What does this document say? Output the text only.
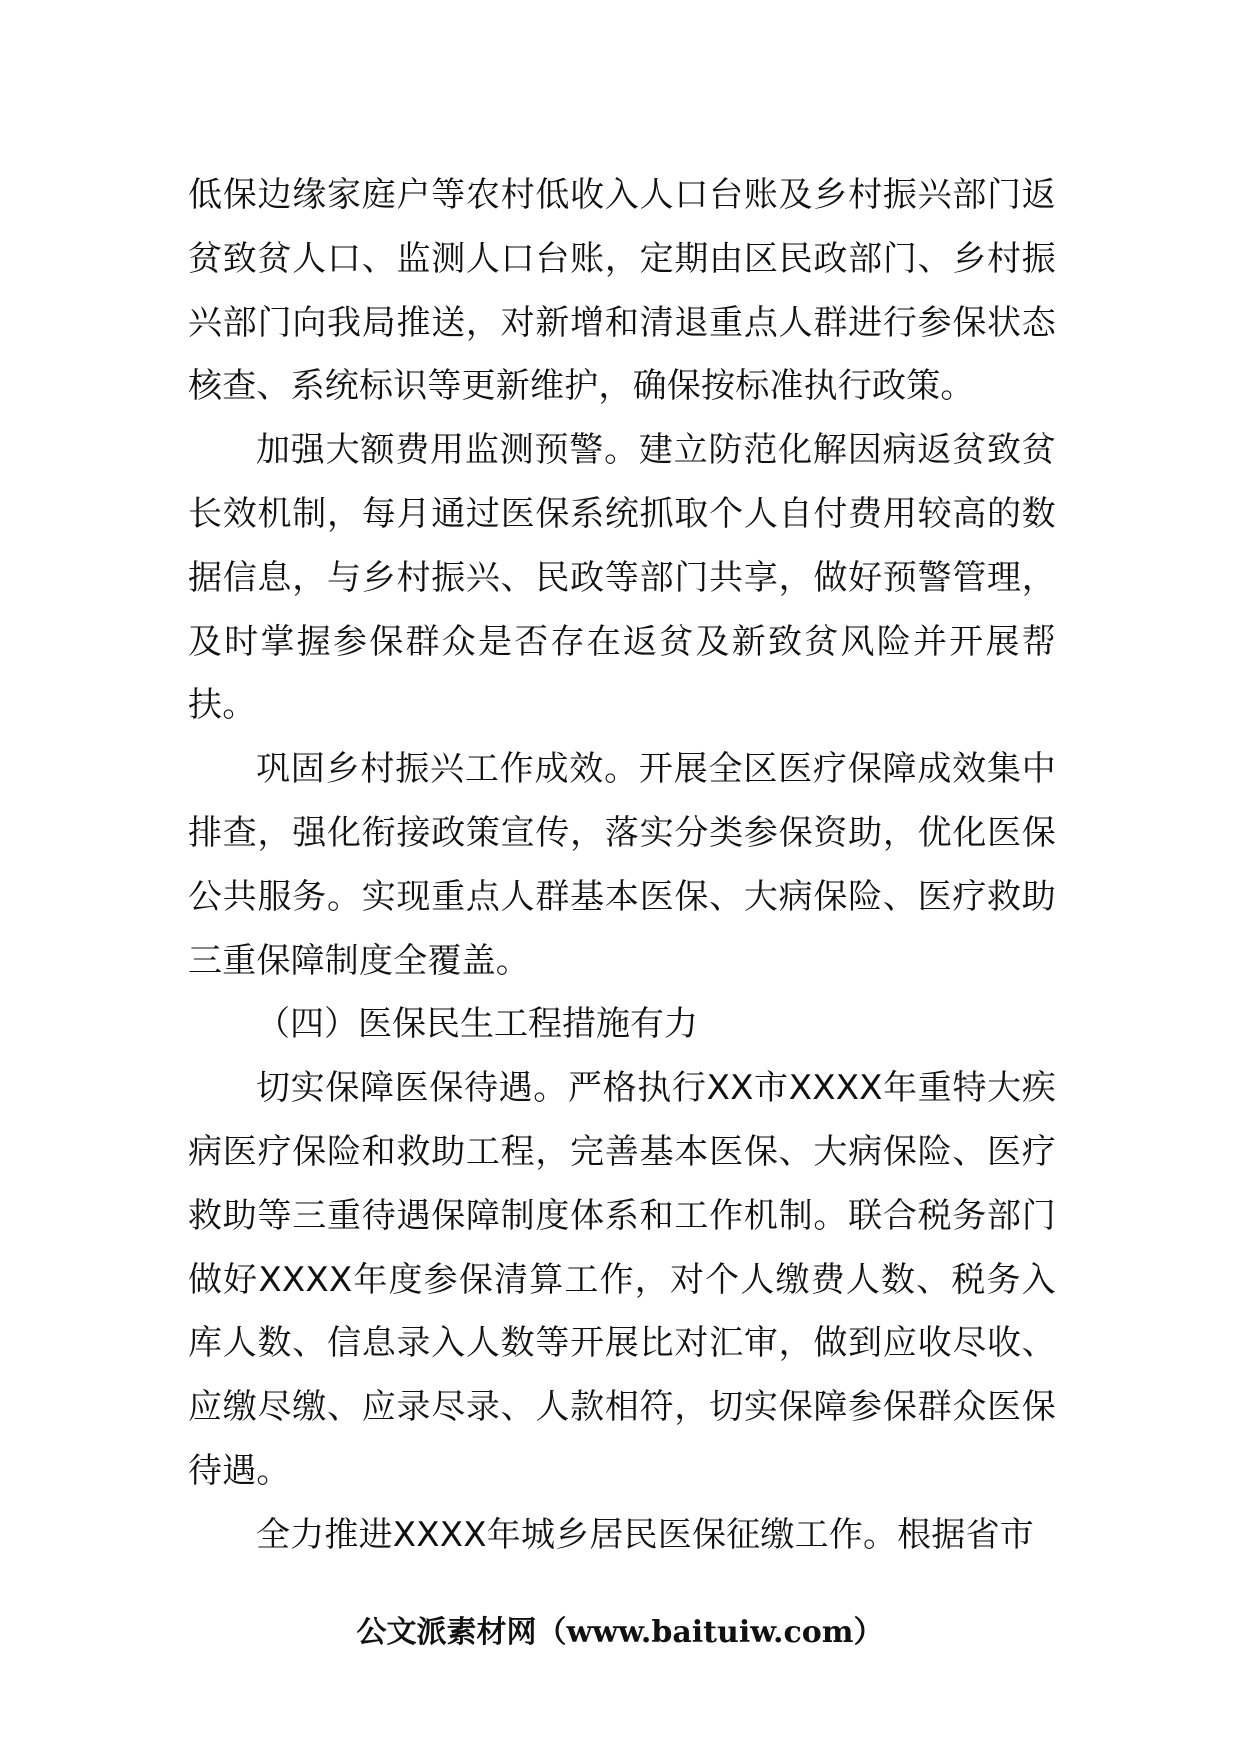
低保边缘家庭户等农村低收入人口台账及乡村振兴部门返贫致贫人口、监测人口台账，定期由区民政部门、乡村振兴部门向我局推送，对新增和清退重点人群进行参保状态核查、系统标识等更新维护，确保按标准执行政策。

加强大额费用监测预警。建立防范化解因病返贫致贫长效机制，每月通过医保系统抓取个人自付费用较高的数据信息，与乡村振兴、民政等部门共享，做好预警管理，及时掌握参保群众是否存在返贫及新致贫风险并开展帮扶。

巩固乡村振兴工作成效。开展全区医疗保障成效集中排查，强化衔接政策宣传，落实分类参保资助，优化医保公共服务。实现重点人群基本医保、大病保险、医疗救助三重保障制度全覆盖。

（四）医保民生工程措施有力

切实保障医保待遇。严格执行XX市XXXX年重特大疾病医疗保险和救助工程，完善基本医保、大病保险、医疗救助等三重待遇保障制度体系和工作机制。联合税务部门做好XXXX年度参保清算工作，对个人缴费人数、税务入库人数、信息录入人数等开展比对汇审，做到应收尽收、应缴尽缴、应录尽录、人款相符，切实保障参保群众医保待遇。

全力推进XXXX年城乡居民医保征缴工作。根据省市

公文派素材网（www.baituiw.com）
